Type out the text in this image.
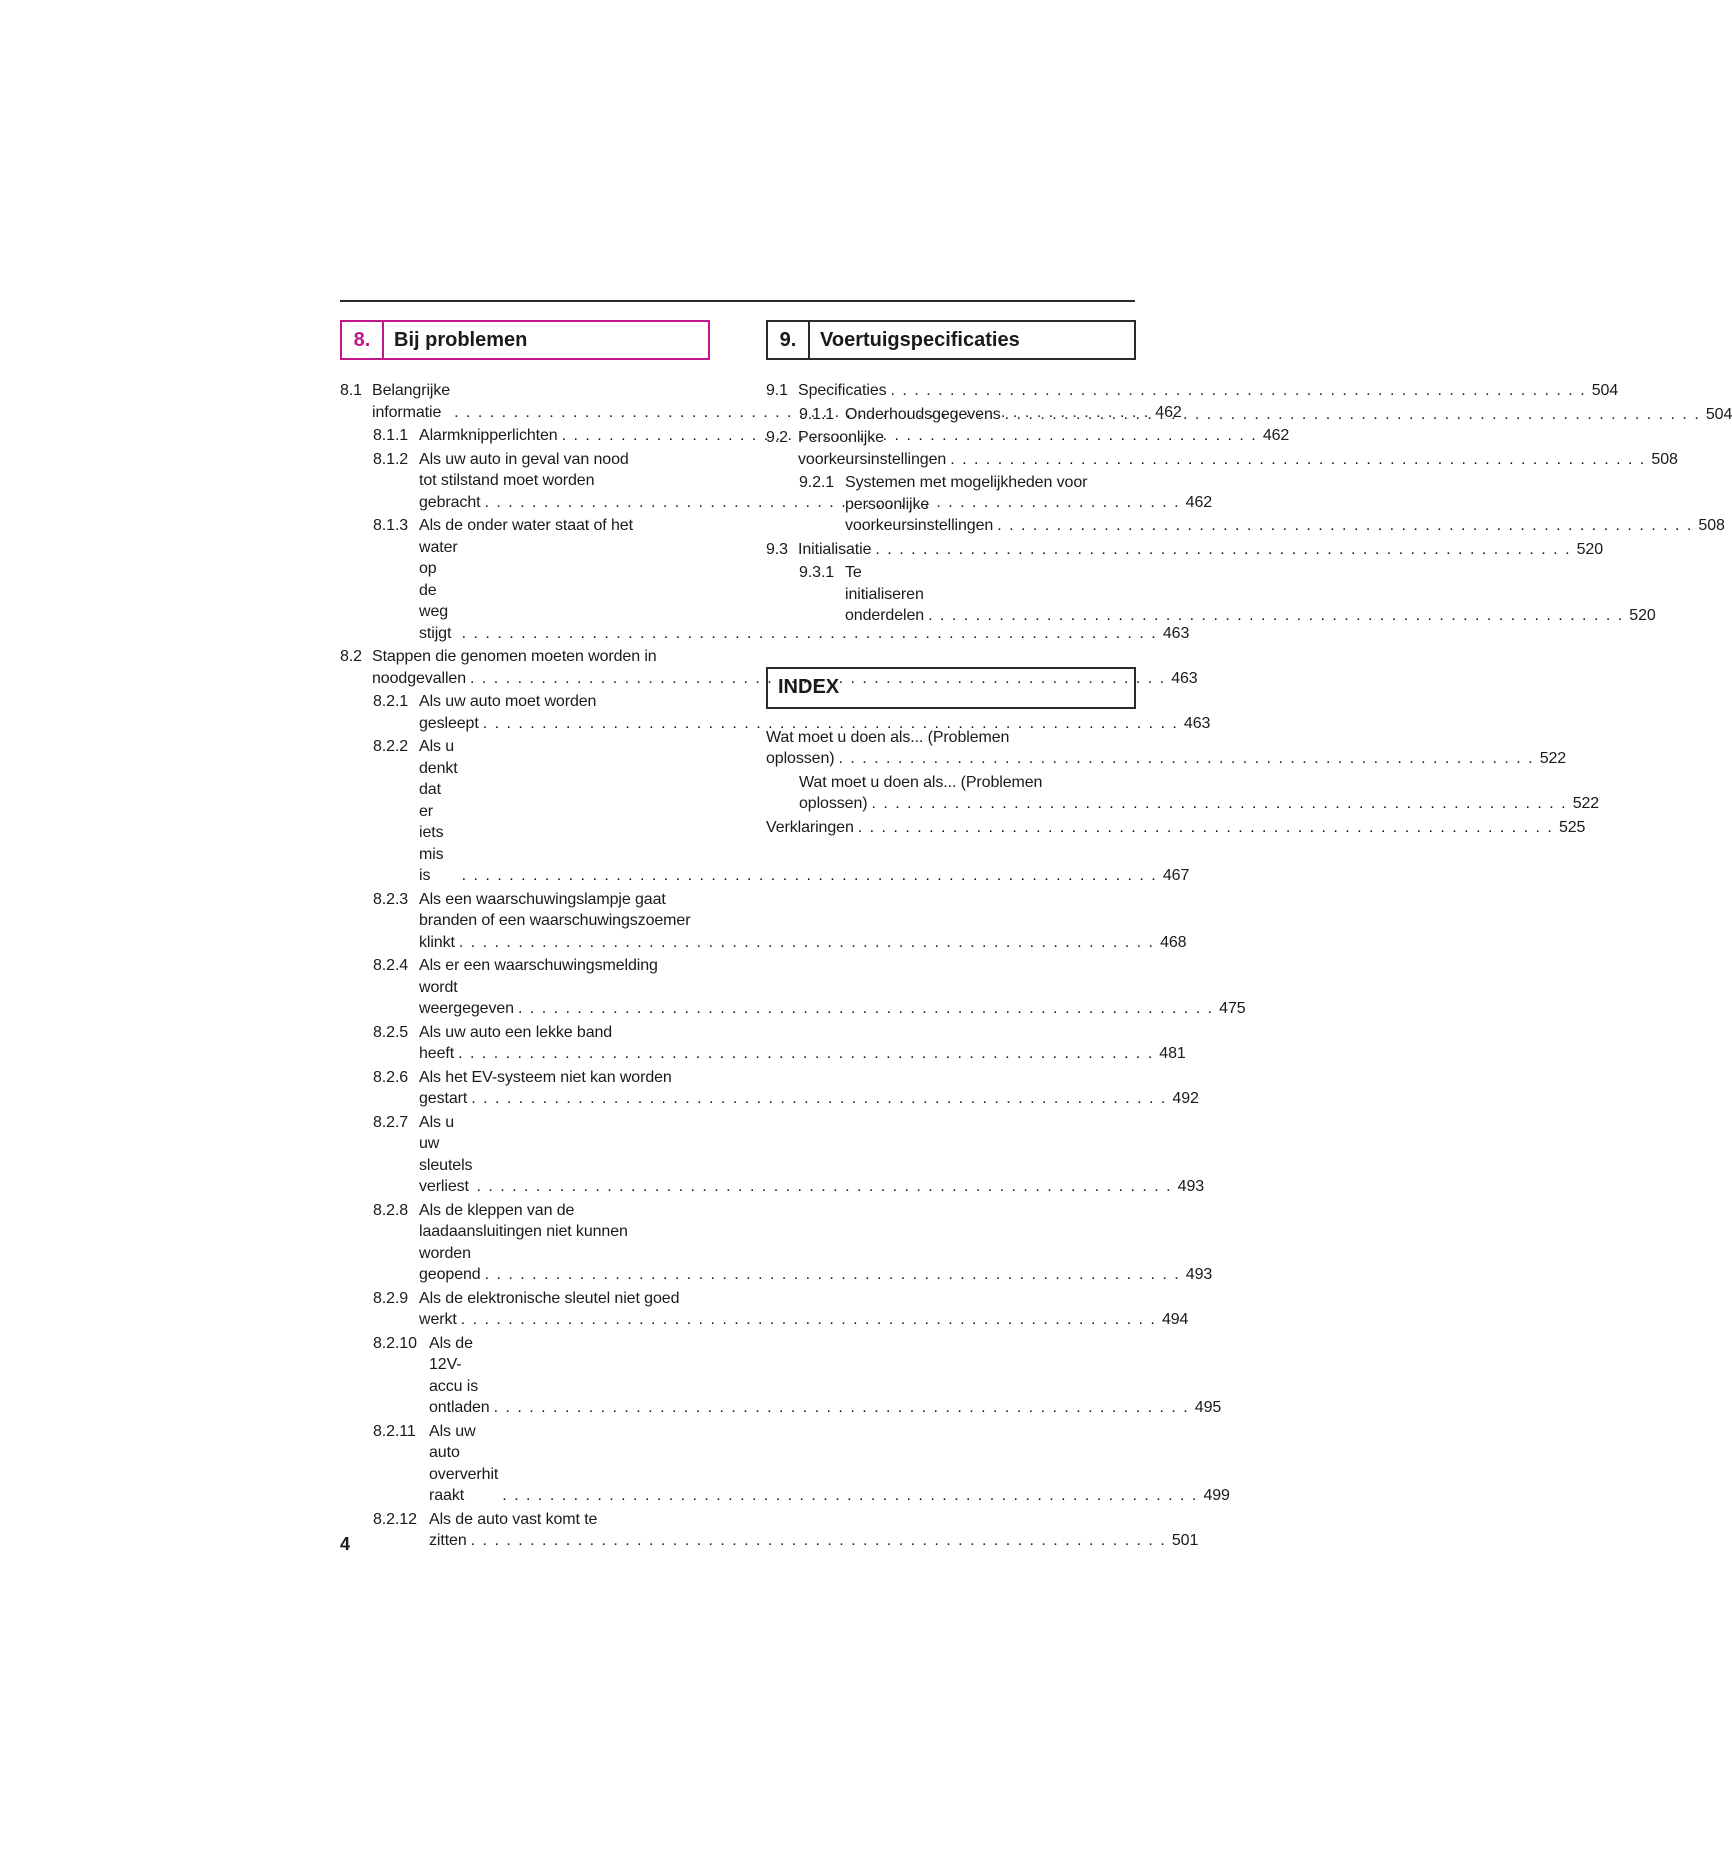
8.	Bij problemen
8.1 Belangrijke informatie . . .	462
8.1.1 Alarmknipperlichten . . .	462
8.1.2 Als uw auto in geval van nood
tot stilstand moet worden
gebracht . . .	462
8.1.3 Als de onder water staat of het
water op de weg stijgt . . .	463
8.2 Stappen die genomen moeten worden in
noodgevallen . . .	463
8.2.1 Als uw auto moet worden
gesleept . . .	463
8.2.2 Als u denkt dat er iets mis is . . .	467
8.2.3 Als een waarschuwingslampje gaat
branden of een waarschuwingszoemer
klinkt . . .	468
8.2.4 Als er een waarschuwingsmelding
wordt weergegeven . . .	475
8.2.5 Als uw auto een lekke band
heeft . . .	481
8.2.6 Als het EV-systeem niet kan worden
gestart . . .	492
8.2.7 Als u uw sleutels verliest . . .	493
8.2.8 Als de kleppen van de
laadaansluitingen niet kunnen
worden geopend . . .	493
8.2.9 Als de elektronische sleutel niet goed
werkt . . .	494
8.2.10 Als de 12V-accu is ontladen . . .	495
8.2.11 Als uw auto oververhit raakt . . .	499
8.2.12 Als de auto vast komt te
zitten . . .	501
9.	Voertuigspecificaties
9.1 Specificaties . . .	504
9.1.1 Onderhoudsgegevens . . .	504
9.2 Persoonlijke voorkeursinstellingen . . .	508
9.2.1 Systemen met mogelijkheden voor
persoonlijke
voorkeursinstellingen . . .	508
9.3 Initialisatie . . .	520
9.3.1 Te initialiseren onderdelen . . .	520
INDEX
Wat moet u doen als... (Problemen
oplossen) . . .	522
Wat moet u doen als... (Problemen
oplossen) . . .	522
Verklaringen . . .	525
4
